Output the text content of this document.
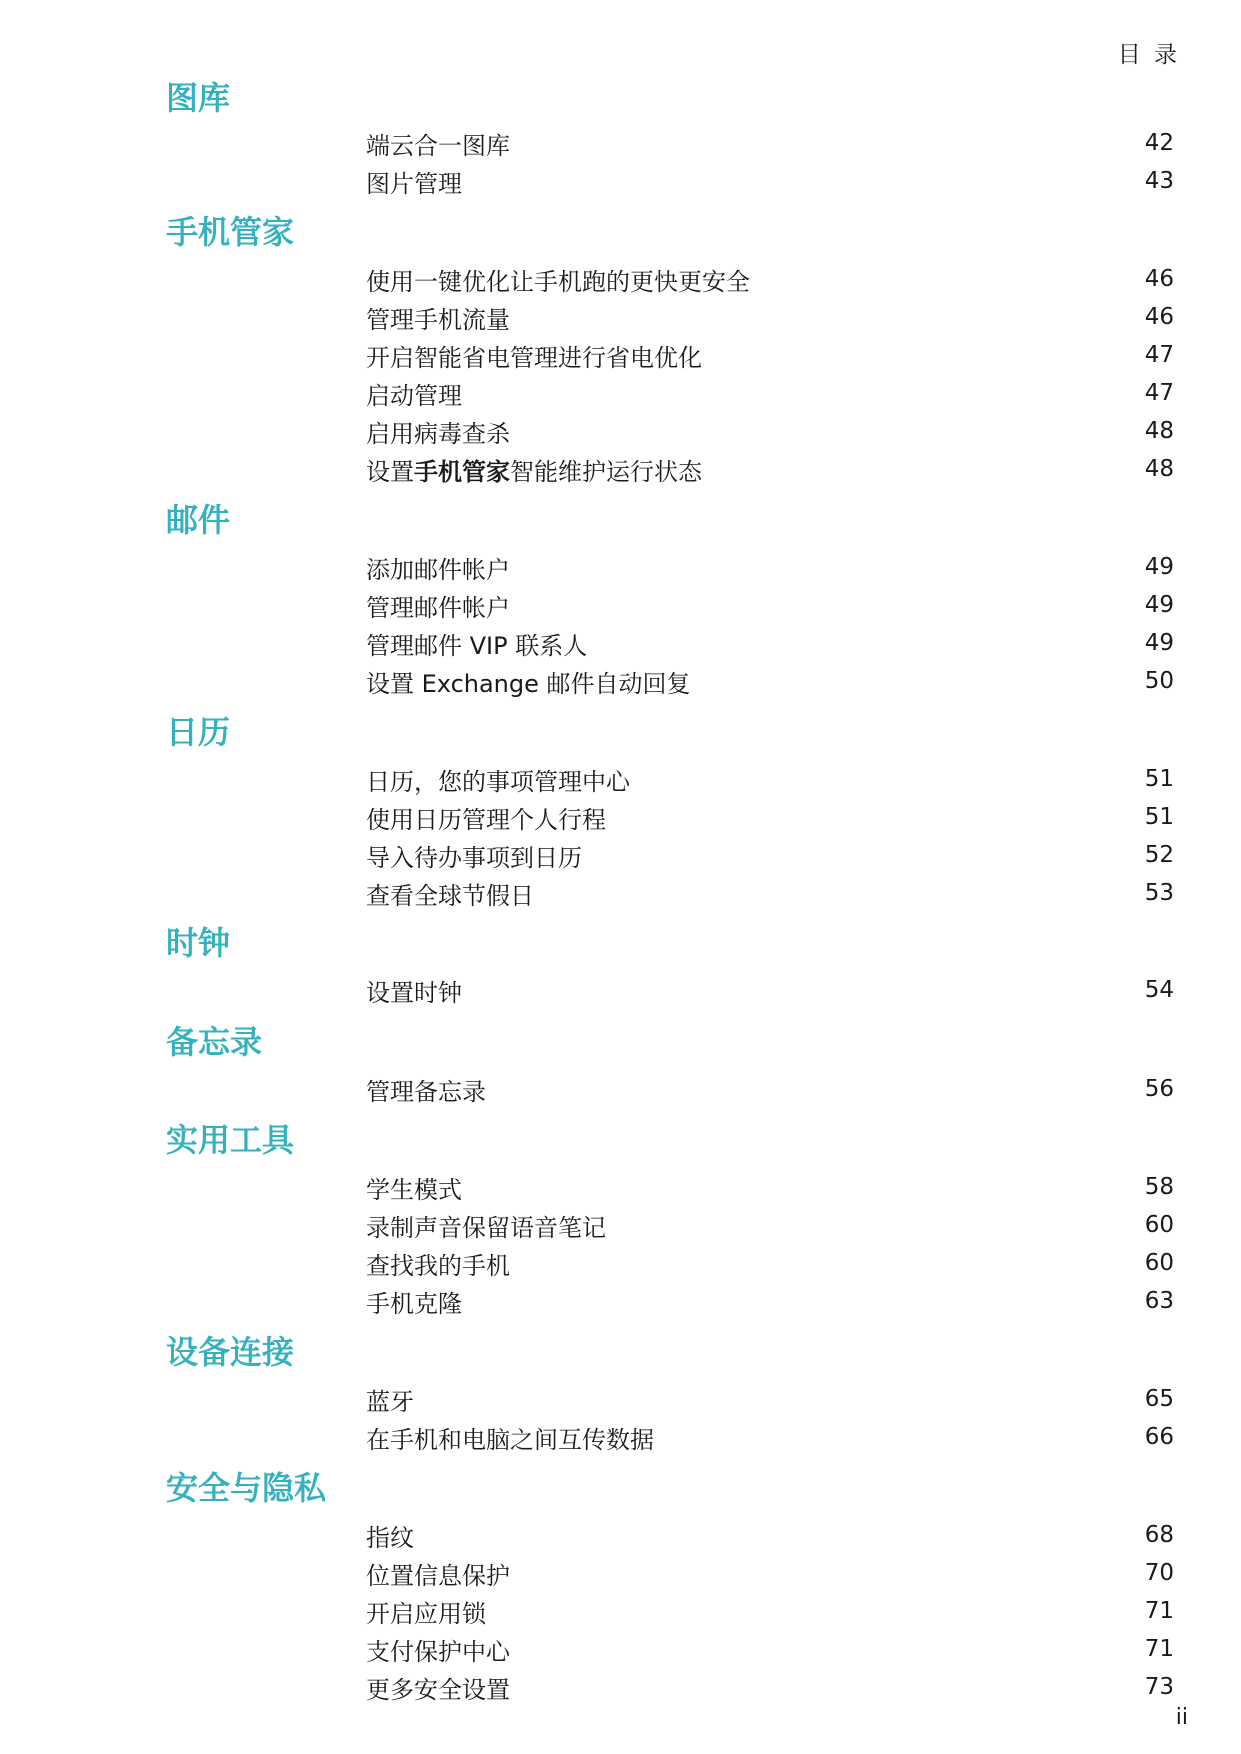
目 录
图库
端云合一图库	42
图片管理	43
手机管家
使用一键优化让手机跑的更快更安全	46
管理手机流量	46
开启智能省电管理进行省电优化	47
启动管理	47
启用病毒查杀	48
设置手机管家智能维护运行状态	48
邮件
添加邮件帐户	49
管理邮件帐户	49
管理邮件 VIP 联系人	49
设置 Exchange 邮件自动回复	50
日历
日历，您的事项管理中心	51
使用日历管理个人行程	51
导入待办事项到日历	52
查看全球节假日	53
时钟
设置时钟	54
备忘录
管理备忘录	56
实用工具
学生模式	58
录制声音保留语音笔记	60
查找我的手机	60
手机克隆	63
设备连接
蓝牙	65
在手机和电脑之间互传数据	66
安全与隐私
指纹	68
位置信息保护	70
开启应用锁	71
支付保护中心	71
更多安全设置	73
ii
